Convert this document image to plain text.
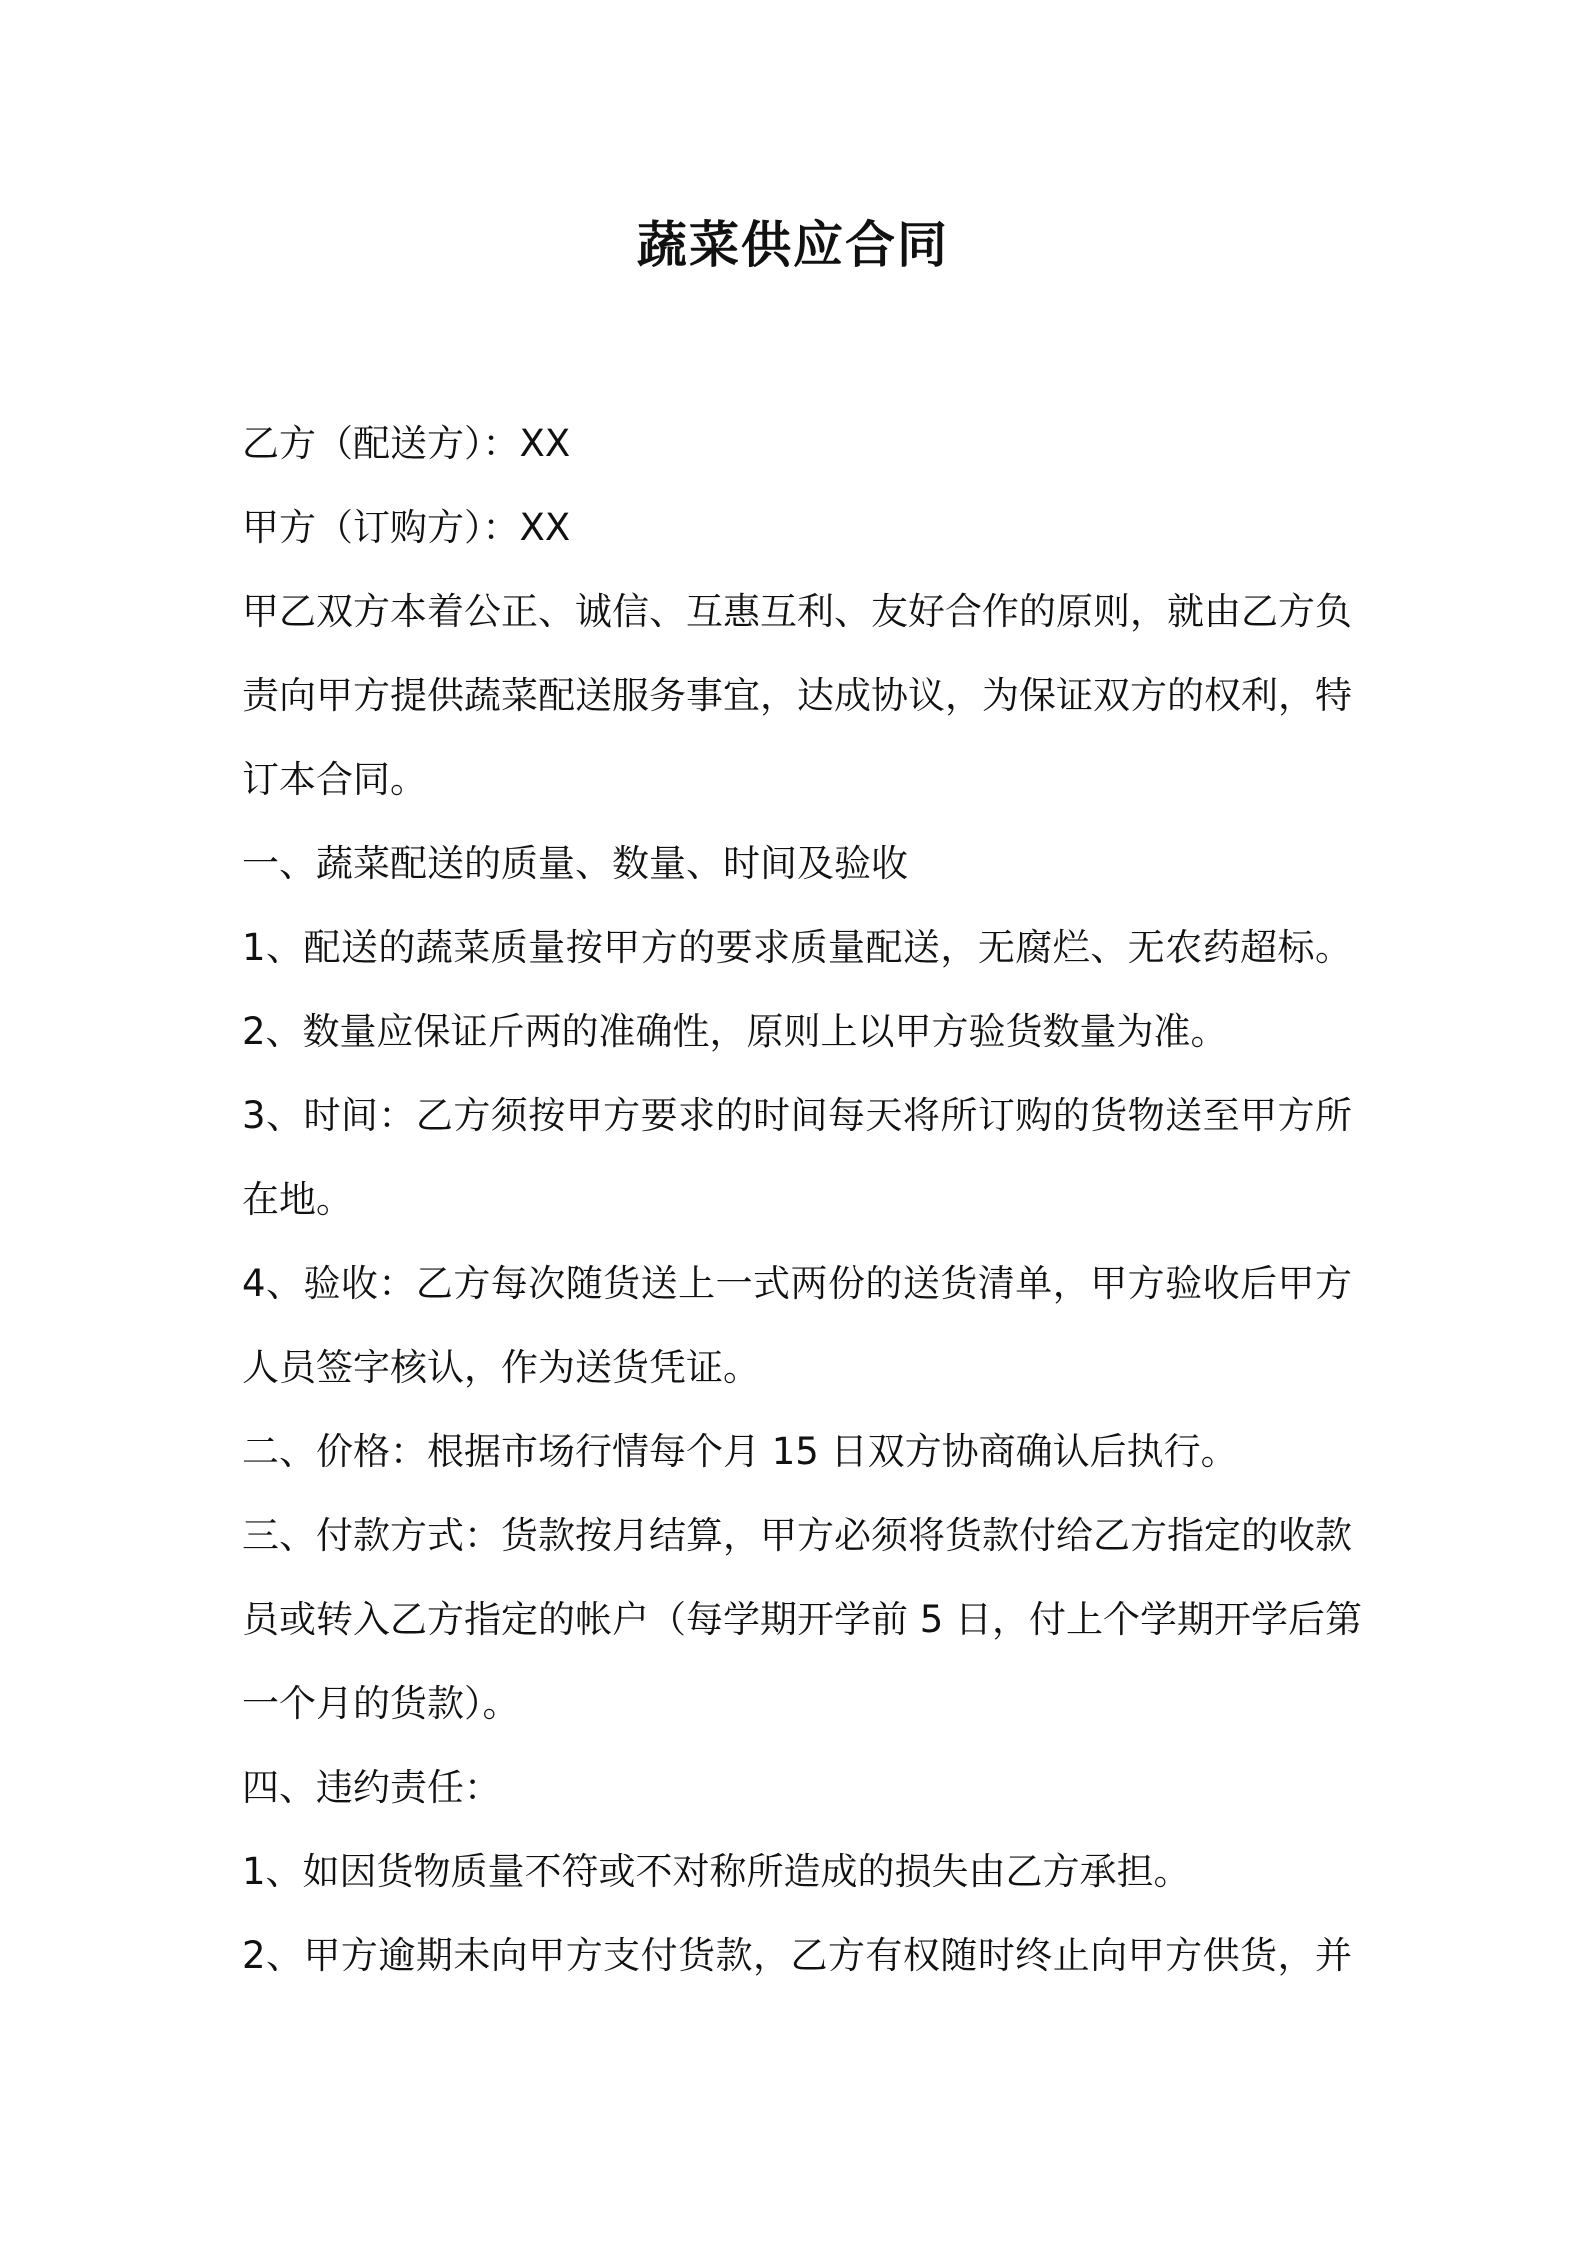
蔬菜供应合同
乙方（配送方）：XX
甲方（订购方）：XX
甲乙双方本着公正、诚信、互惠互利、友好合作的原则，就由乙方负
责向甲方提供蔬菜配送服务事宜，达成协议，为保证双方的权利，特
订本合同。
一、蔬菜配送的质量、数量、时间及验收
1、配送的蔬菜质量按甲方的要求质量配送，无腐烂、无农药超标。
2、数量应保证斤两的准确性，原则上以甲方验货数量为准。
3、时间：乙方须按甲方要求的时间每天将所订购的货物送至甲方所
在地。
4、验收：乙方每次随货送上一式两份的送货清单，甲方验收后甲方
人员签字核认，作为送货凭证。
二、价格：根据市场行情每个月 15 日双方协商确认后执行。
三、付款方式：货款按月结算，甲方必须将货款付给乙方指定的收款
员或转入乙方指定的帐户（每学期开学前 5 日，付上个学期开学后第
一个月的货款）。
四、违约责任：
1、如因货物质量不符或不对称所造成的损失由乙方承担。
2、甲方逾期未向甲方支付货款，乙方有权随时终止向甲方供货，并
